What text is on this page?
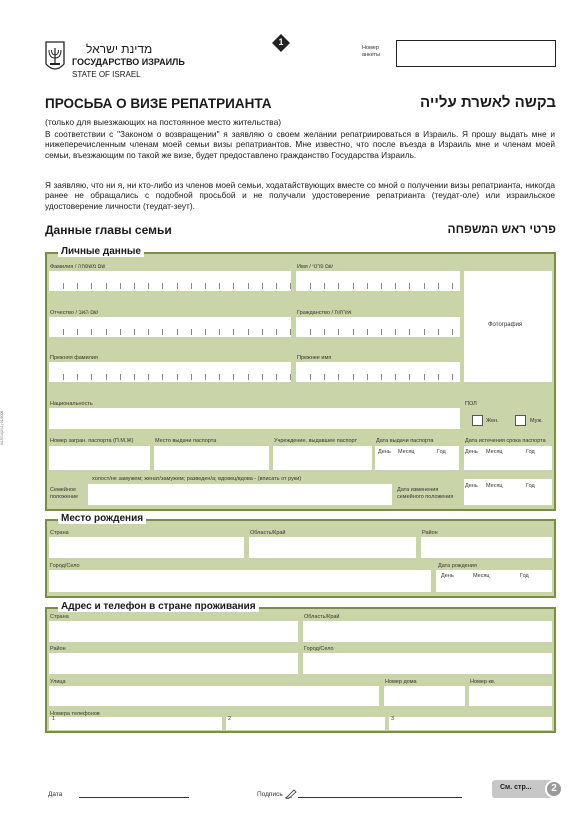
מדינת ישראל
ГОСУДАРСТВО ИЗРАИЛЬ
STATE OF ISRAEL
1
Номер анкеты
ПРОСЬБА О ВИЗЕ РЕПАТРИАНТА	בקשה לאשרת עלייה
(только для выезжающих на постоянное место жительства)
В соответствии с "Законом о возвращении" я заявляю о своем желании репатриироваться в Израиль. Я прошу выдать мне и нижеперечисленным членам моей семьи визы репатриантов. Мне известно, что после въезда в Израиль мне и членам моей семьи, въезжающим по такой же визе, будет предоставлено гражданство Государства Израиль.
Я заявляю, что ни я, ни кто-либо из членов моей семьи, ходатайствующих вместе со мной о получении визы репатрианта, никогда ранее не обращались с подобной просьбой и не получали удостоверение репатрианта (теудат-оле) или израильское удостоверение личности (теудат-зеут).
Данные главы семьи	פרטי ראש המשפחה
Личные данные
Фамилия / שם משפחה	Имя / שם פרטי
Фотография
Отчество / שם האב	Гражданство / אזרחות
Прежняя фамилия	Прежнее имя
Национальность	ПОЛ
Жен.	Муж.
Номер загран. паспорта (П.М.Ж)	Место выдачи паспорта	Учреждение, выдавшее паспорт	Дата выдачи паспорта
День Месяц	Год
Дата истечения срока паспорта
День Месяц	Год
холост/не замужем; женат/замужем; разведен/а; вдовец/вдова - (вписать от руки)
Семейное положение
Дата изменения семейного положения
День Месяц	Год
Место рождения
Страна	Область/Край	Район
Город/Село	Дата рождения
День	Месяц	Год
Адрес и телефон в стране проживания
Страна	Область/Край
Район	Город/Село
Улица	Номер дома	Номер кв.
Номера телефонов
1	2	3
Дата	Подпись
См. стр...	2
04-5/14(2/11) 01/2008
